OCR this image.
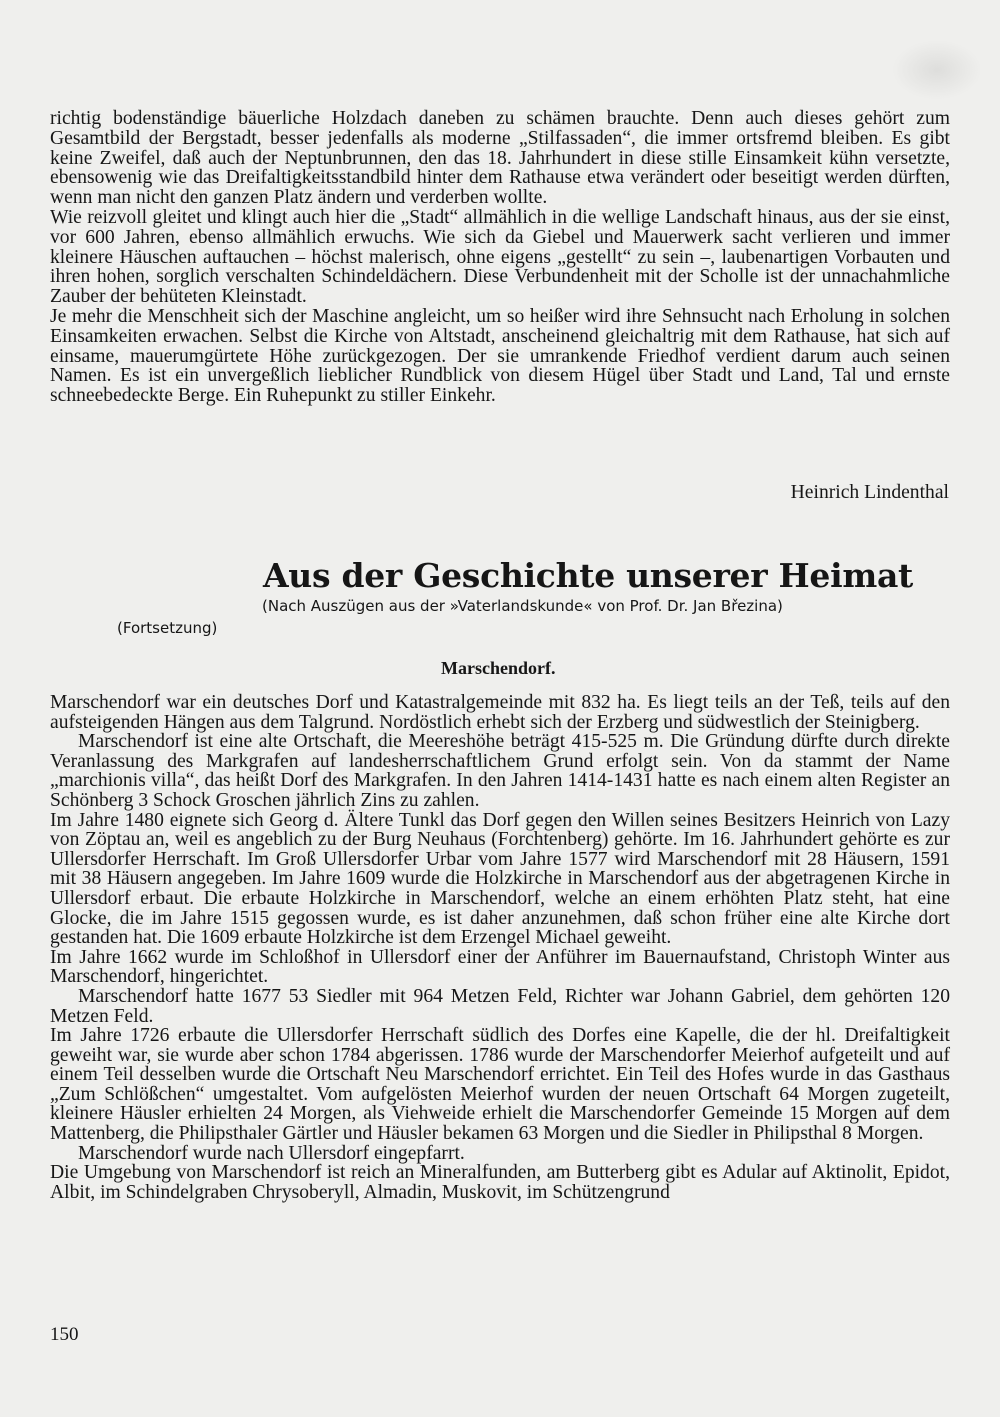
richtig bodenständige bäuerliche Holzdach daneben zu schämen brauchte. Denn auch dieses gehört zum Gesamtbild der Bergstadt, besser jedenfalls als moderne „Stilfassaden“, die immer ortsfremd bleiben. Es gibt keine Zweifel, daß auch der Neptunbrunnen, den das 18. Jahrhundert in diese stille Einsamkeit kühn versetzte, ebensowenig wie das Dreifaltigkeitsstandbild hinter dem Rathause etwa verändert oder beseitigt werden dürften, wenn man nicht den ganzen Platz ändern und verderben wollte.

Wie reizvoll gleitet und klingt auch hier die „Stadt“ allmählich in die wellige Landschaft hinaus, aus der sie einst, vor 600 Jahren, ebenso allmählich erwuchs. Wie sich da Giebel und Mauerwerk sacht verlieren und immer kleinere Häuschen auftauchen – höchst malerisch, ohne eigens „gestellt“ zu sein –, laubenartigen Vorbauten und ihren hohen, sorglich verschalten Schindeldächern. Diese Verbundenheit mit der Scholle ist der unnachahmliche Zauber der behüteten Kleinstadt.

Je mehr die Menschheit sich der Maschine angleicht, um so heißer wird ihre Sehnsucht nach Erholung in solchen Einsamkeiten erwachen. Selbst die Kirche von Altstadt, anscheinend gleichaltrig mit dem Rathause, hat sich auf einsame, mauerumgürtete Höhe zurückgezogen. Der sie umrankende Friedhof verdient darum auch seinen Namen. Es ist ein unvergeßlich lieblicher Rundblick von diesem Hügel über Stadt und Land, Tal und ernste schneebedeckte Berge. Ein Ruhepunkt zu stiller Einkehr.

Heinrich Lindenthal
Aus der Geschichte unserer Heimat
(Nach Auszügen aus der »Vaterlandskunde« von Prof. Dr. Jan Březina)
(Fortsetzung)
Marschendorf.

Marschendorf war ein deutsches Dorf und Katastralgemeinde mit 832 ha. Es liegt teils an der Teß, teils auf den aufsteigenden Hängen aus dem Talgrund. Nordöstlich erhebt sich der Erzberg und südwestlich der Steinigberg.

Marschendorf ist eine alte Ortschaft, die Meereshöhe beträgt 415-525 m. Die Gründung dürfte durch direkte Veranlassung des Markgrafen auf landesherrschaftlichem Grund erfolgt sein. Von da stammt der Name „marchionis villa“, das heißt Dorf des Markgrafen. In den Jahren 1414-1431 hatte es nach einem alten Register an Schönberg 3 Schock Groschen jährlich Zins zu zahlen.

Im Jahre 1480 eignete sich Georg d. Ältere Tunkl das Dorf gegen den Willen seines Besitzers Heinrich von Lazy von Zöptau an, weil es angeblich zu der Burg Neuhaus (Forchtenberg) gehörte. Im 16. Jahrhundert gehörte es zur Ullersdorfer Herrschaft. Im Groß Ullersdorfer Urbar vom Jahre 1577 wird Marschendorf mit 28 Häusern, 1591 mit 38 Häusern angegeben. Im Jahre 1609 wurde die Holzkirche in Marschendorf aus der abgetragenen Kirche in Ullersdorf erbaut. Die erbaute Holzkirche in Marschendorf, welche an einem erhöhten Platz steht, hat eine Glocke, die im Jahre 1515 gegossen wurde, es ist daher anzunehmen, daß schon früher eine alte Kirche dort gestanden hat. Die 1609 erbaute Holzkirche ist dem Erzengel Michael geweiht.

Im Jahre 1662 wurde im Schloßhof in Ullersdorf einer der Anführer im Bauernaufstand, Christoph Winter aus Marschendorf, hingerichtet.

Marschendorf hatte 1677 53 Siedler mit 964 Metzen Feld, Richter war Johann Gabriel, dem gehörten 120 Metzen Feld.

Im Jahre 1726 erbaute die Ullersdorfer Herrschaft südlich des Dorfes eine Kapelle, die der hl. Dreifaltigkeit geweiht war, sie wurde aber schon 1784 abgerissen. 1786 wurde der Marschendorfer Meierhof aufgeteilt und auf einem Teil desselben wurde die Ortschaft Neu Marschendorf errichtet. Ein Teil des Hofes wurde in das Gasthaus „Zum Schlößchen“ umgestaltet. Vom aufgelösten Meierhof wurden der neuen Ortschaft 64 Morgen zugeteilt, kleinere Häusler erhielten 24 Morgen, als Viehweide erhielt die Marschendorfer Gemeinde 15 Morgen auf dem Mattenberg, die Philipsthaler Gärtler und Häusler bekamen 63 Morgen und die Siedler in Philipsthal 8 Morgen.

Marschendorf wurde nach Ullersdorf eingepfarrt.

Die Umgebung von Marschendorf ist reich an Mineralfunden, am Butterberg gibt es Adular auf Aktinolit, Epidot, Albit, im Schindelgraben Chrysoberyll, Almadin, Muskovit, im Schützengrund

150
